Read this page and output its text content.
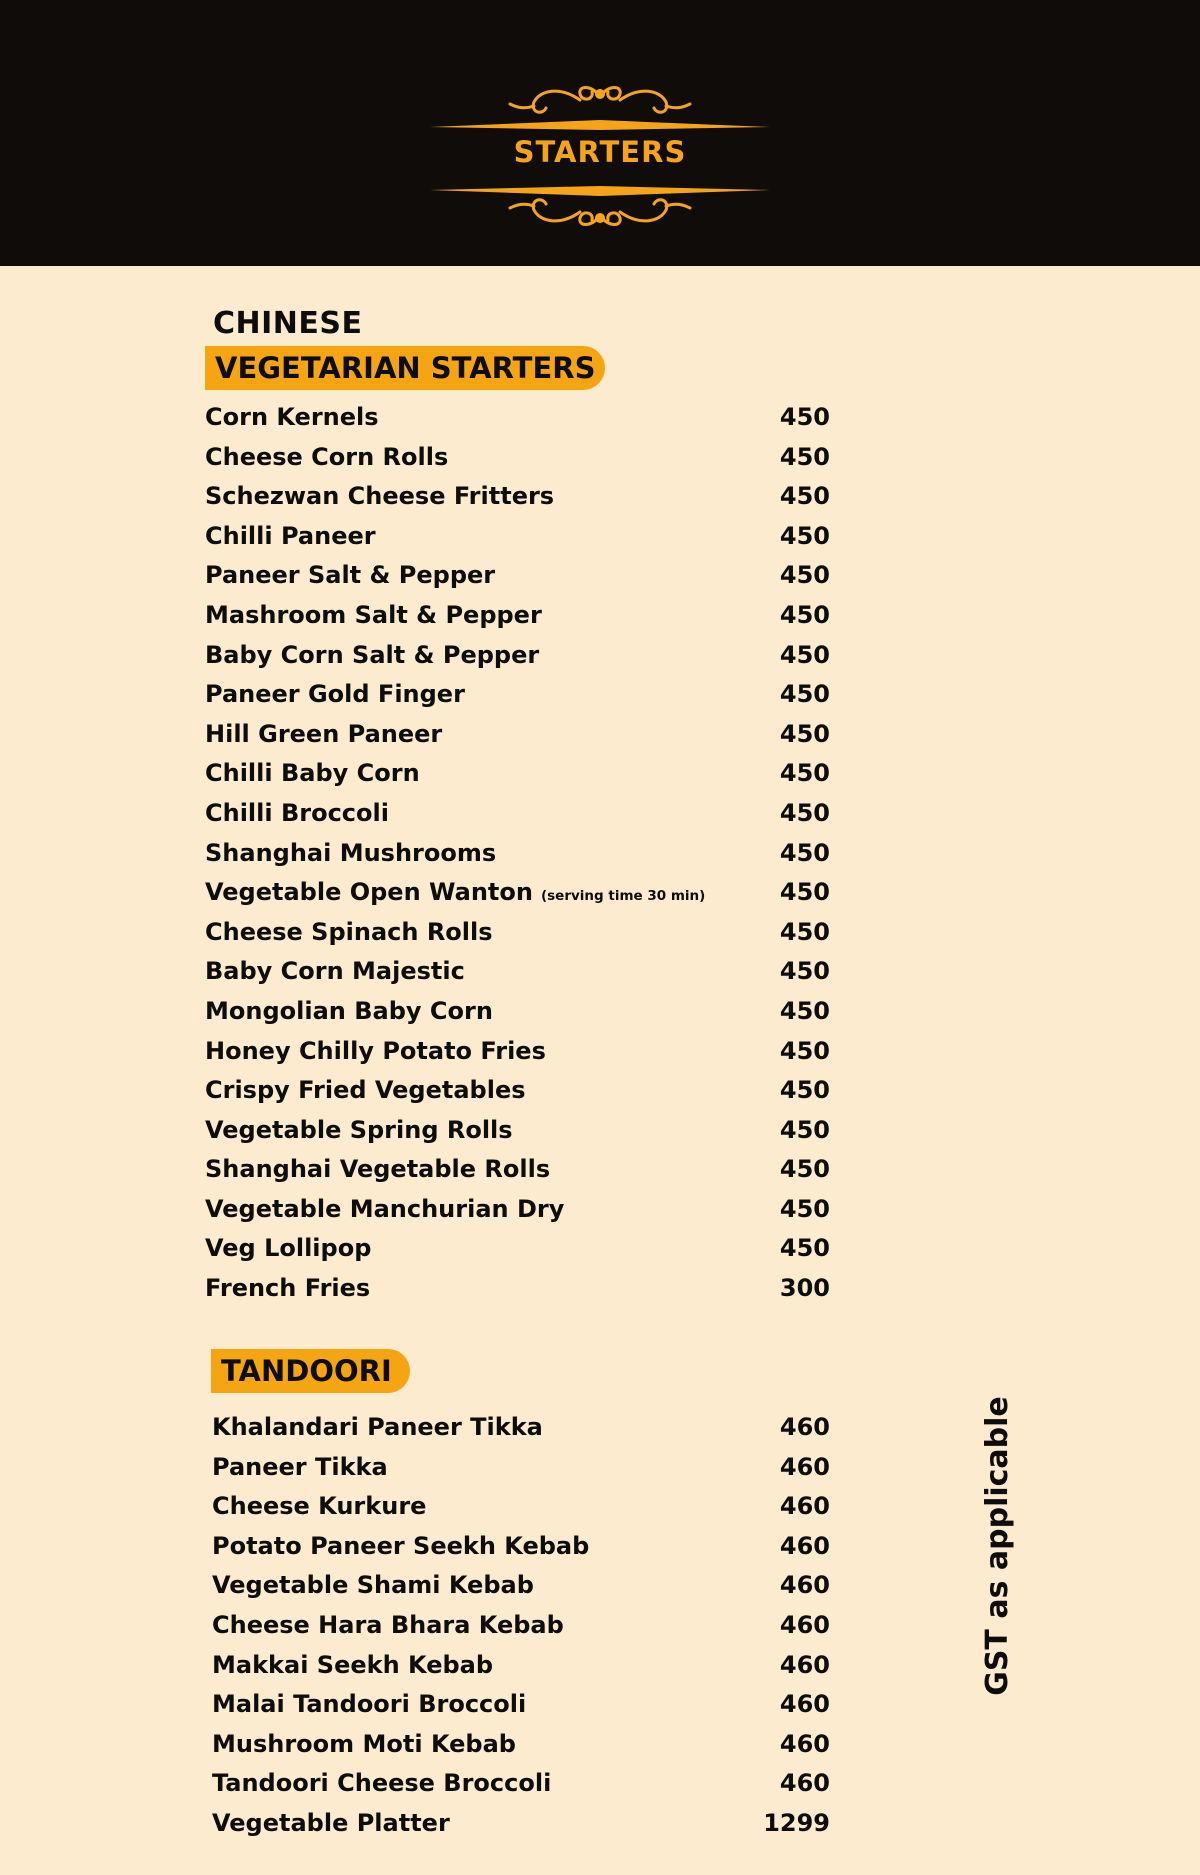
STARTERS
CHINESE
VEGETARIAN STARTERS
Corn Kernels	450
Cheese Corn Rolls	450
Schezwan Cheese Fritters	450
Chilli Paneer	450
Paneer Salt & Pepper	450
Mashroom Salt & Pepper	450
Baby Corn Salt & Pepper	450
Paneer Gold Finger	450
Hill Green Paneer	450
Chilli Baby Corn	450
Chilli Broccoli	450
Shanghai Mushrooms	450
Vegetable Open Wanton (serving time 30 min)	450
Cheese Spinach Rolls	450
Baby Corn Majestic	450
Mongolian Baby Corn	450
Honey Chilly Potato Fries	450
Crispy Fried Vegetables	450
Vegetable Spring Rolls	450
Shanghai Vegetable Rolls	450
Vegetable Manchurian Dry	450
Veg Lollipop	450
French Fries	300
TANDOORI
Khalandari Paneer Tikka	460
Paneer Tikka	460
Cheese Kurkure	460
Potato Paneer Seekh Kebab	460
Vegetable Shami Kebab	460
Cheese Hara Bhara Kebab	460
Makkai Seekh Kebab	460
Malai Tandoori Broccoli	460
Mushroom Moti Kebab	460
Tandoori Cheese Broccoli	460
Vegetable Platter	1299
GST as applicable
